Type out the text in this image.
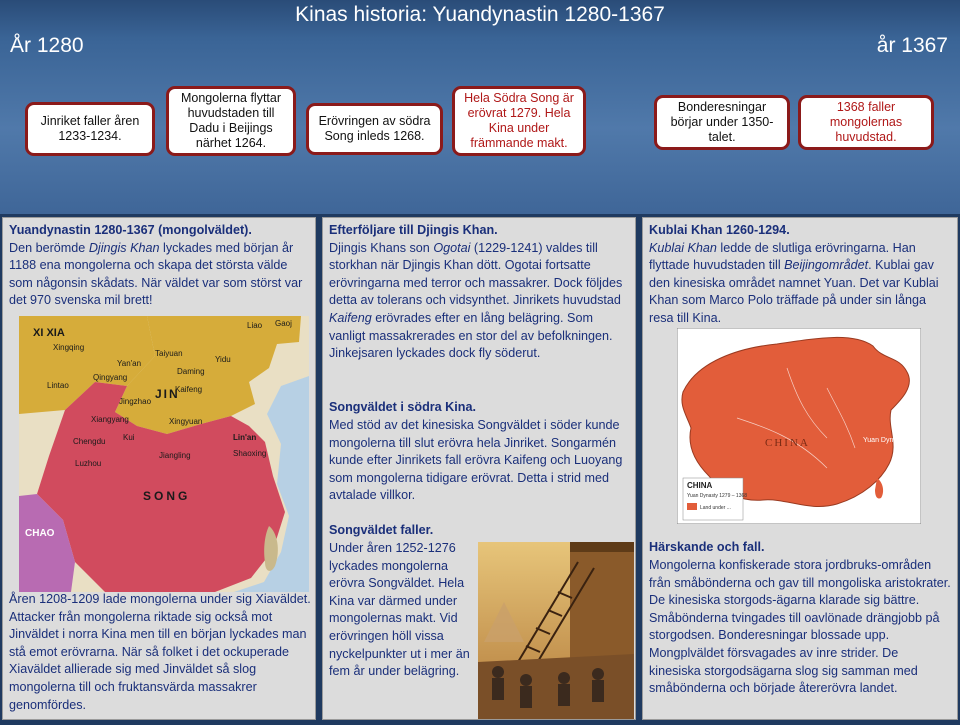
Kinas historia: Yuandynastin 1280-1367
År 1280	år 1367
Jinriket faller åren 1233-1234.
Mongolerna flyttar huvudstaden till Dadu i Beijings närhet 1264.
Erövringen av södra Song inleds 1268.
Hela Södra Song är erövrat 1279. Hela Kina under främmande makt.
Bonderesningar börjar under 1350-talet.
1368 faller mongolernas huvudstad.

Yuandynastin 1280-1367 (mongolväldet).

Den berömde Djingis Khan lyckades med början år 1188 ena mongolerna och skapa det största välde som någonsin skådats. När väldet var som störst var det 970 svenska mil brett!

XI XIA
Xingqing
Lintao
Qingyang
Yan'an
Taiyuan
Yidu
Daming
Kaifeng
JIN
Jingzhao
Xiangyang
Kui
Chengdu
Luzhou
Jiangling
Lin'an
Shaoxing
SONG
Xingyuan
CHAO
Liao Gaoj

Åren 1208-1209 lade mongolerna under sig Xiaväldet. Attacker från mongolerna riktade sig också mot Jinväldet i norra Kina men till en början lyckades man stå emot erövrarna. När så folket i det ockuperade Xiaväldet allierade sig med Jinväldet så slog mongolerna till och fruktansvärda massakrer genomfördes.

Efterföljare till Djingis Khan.

Djingis Khans son Ogotai (1229-1241) valdes till storkhan när Djingis Khan dött. Ogotai fortsatte erövringarna med terror och massakrer. Dock följdes detta av tolerans och vidsynthet. Jinrikets huvudstad Kaifeng erövrades efter en lång belägring. Som vanligt massakrerades en stor del av befolkningen. Jinkejsaren lyckades dock fly söderut.

Songväldet i södra Kina.

Med stöd av det kinesiska Songväldet i söder kunde mongolerna till slut erövra hela Jinriket. Songarmén kunde efter Jinrikets fall erövra Kaifeng och Luoyang som mongolerna tidigare erövrat. Detta i strid med avtalade villkor.

Songväldet faller.

Under åren 1252-1276 lyckades mongolerna erövra Songväldet. Hela Kina var därmed under mongolernas makt. Vid erövringen höll vissa nyckelpunkter ut i mer än fem år under belägring.

Kublai Khan 1260-1294.

Kublai Khan ledde de slutliga erövringarna. Han flyttade huvudstaden till Beijingområdet. Kublai gav den kinesiska området namnet Yuan. Det var Kublai Khan som Marco Polo träffade på under sin långa resa till Kina.

CHINA	Yuan Dynasty
CHINA
Yuan Dynasty 1279 – 1368
Land under ...

Härskande och fall.

Mongolerna konfiskerade stora jordbruks-områden från småbönderna och gav till mongoliska aristokrater. De kinesiska storgods-ägarna klarade sig bättre. Småbönderna tvingades till oavlönade drängjobb på storgodsen. Bonderesningar blossade upp. Mongplväldet försvagades av inre strider. De kinesiska storgodsägarna slog sig samman med småbönderna och började återerövra landet.
